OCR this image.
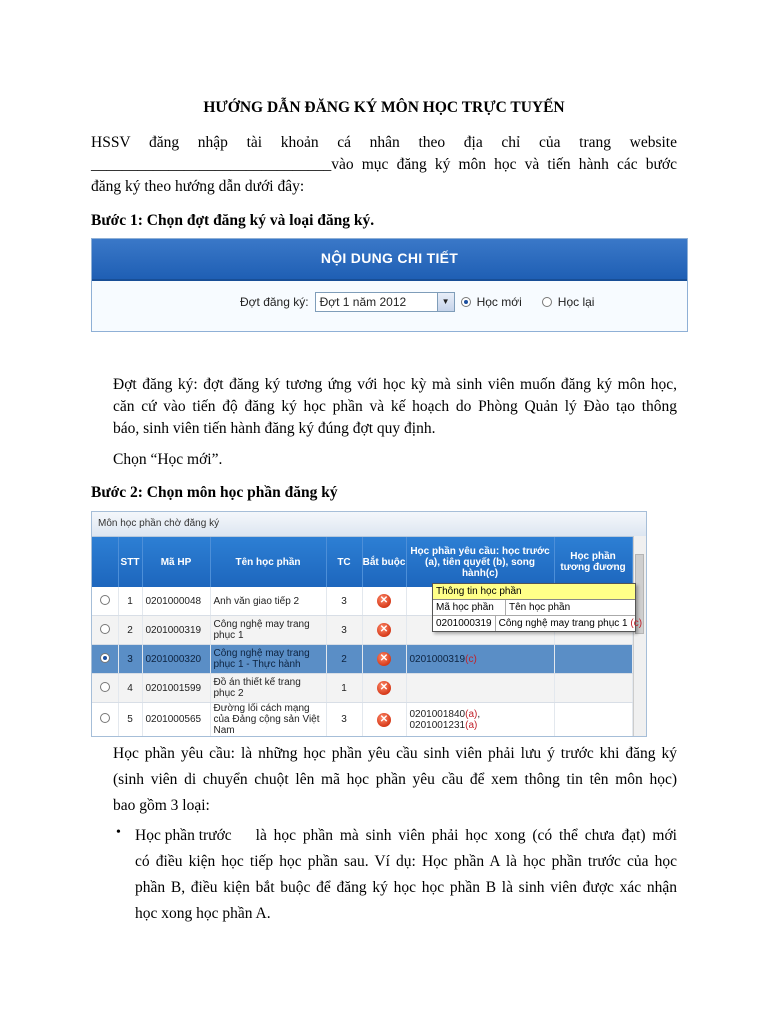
HƯỚNG DẪN ĐĂNG KÝ MÔN HỌC TRỰC TUYẾN
HSSV đăng nhập tài khoản cá nhân theo địa chỉ của trang website
_______________________________ vào mục đăng ký môn học và tiến hành các bước
đăng ký theo hướng dẫn dưới đây:
Bước 1: Chọn đợt đăng ký và loại đăng ký.
NỘI DUNG CHI TIẾT
Đợt đăng ký: Đợt 1 năm 2012	▼	Học mới	Học lại
Đợt đăng ký: đợt đăng ký tương ứng với học kỳ mà sinh viên muốn đăng ký môn học,
căn cứ vào tiến độ đăng ký học phần và kế hoạch do Phòng Quản lý Đào tạo thông
báo, sinh viên tiến hành đăng ký đúng đợt quy định.
Chọn “Học mới”.
Bước 2: Chọn môn học phần đăng ký
Môn học phần chờ đăng ký
	STT	Mã HP	Tên học phần	TC	Bắt buộc	Học phần yêu cầu: học trước (a), tiên quyết (b), song hành(c)	Học phần tương đương
	1	0201000048	Anh văn giao tiếp 2	3	✕		
	2	0201000319	Công nghệ may trang phục 1	3	✕		
	3	0201000320	Công nghệ may trang phục 1 - Thực hành	2	✕	0201000319(c)	
	4	0201001599	Đồ án thiết kế trang phục 2	1	✕		
	5	0201000565	Đường lối cách mạng của Đảng cộng sản Việt Nam	3	✕	0201001840(a), 0201001231(a)	
Thông tin học phần
Mã học phần	Tên học phần
0201000319 Công nghệ may trang phục 1 (c)
Học phần yêu cầu: là những học phần yêu cầu sinh viên phải lưu ý trước khi đăng ký
(sinh viên di chuyển chuột lên mã học phần yêu cầu để xem thông tin tên môn học)
bao gồm 3 loại:
• Học phần trước là học phần mà sinh viên phải học xong (có thể chưa đạt) mới
có điều kiện học tiếp học phần sau. Ví dụ: Học phần A là học phần trước của học
phần B, điều kiện bắt buộc để đăng ký học học phần B là sinh viên được xác nhận
học xong học phần A.
